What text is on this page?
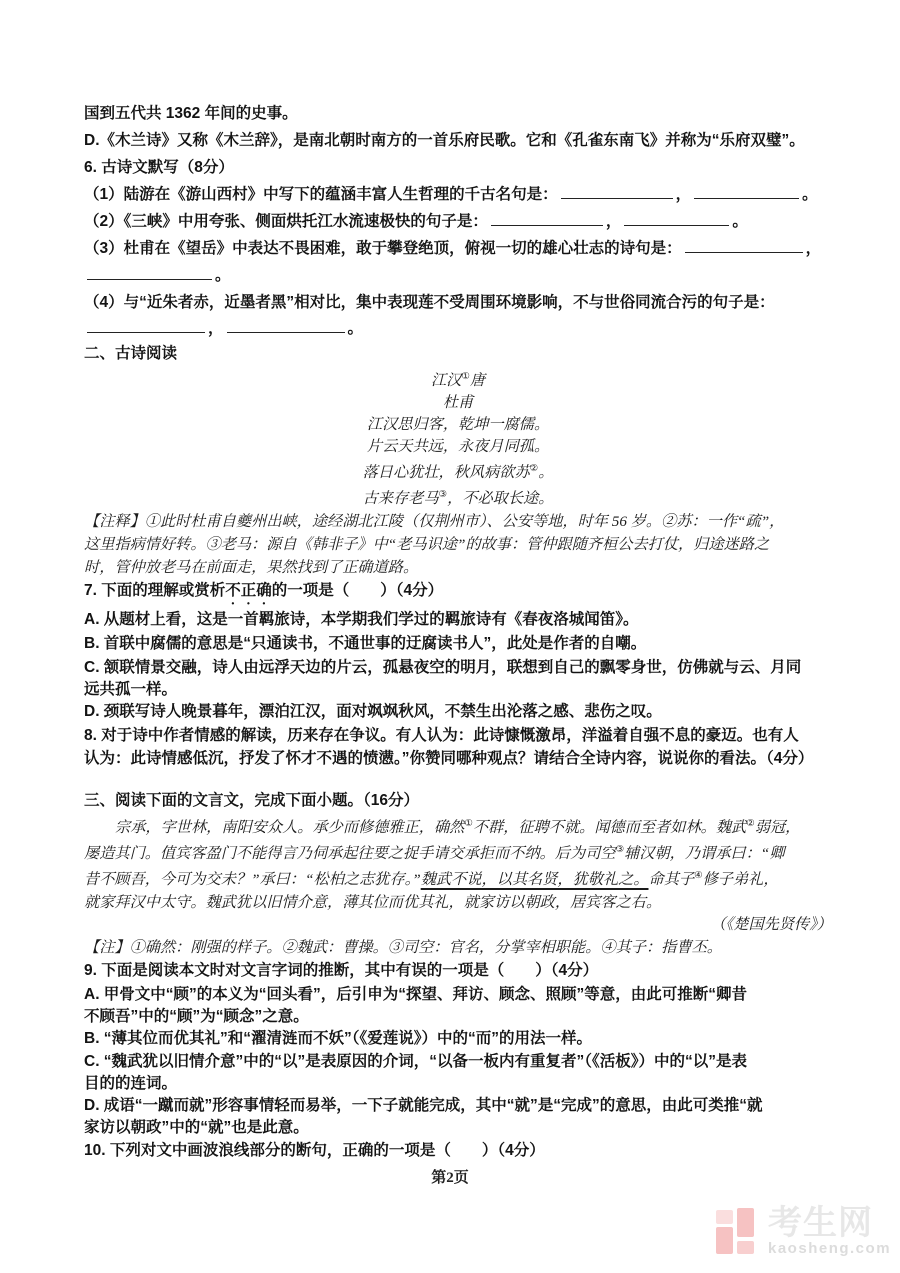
国到五代共 1362 年间的史事。

D.《木兰诗》又称《木兰辞》，是南北朝时南方的一首乐府民歌。它和《孔雀东南飞》并称为“乐府双璧”。

6. 古诗文默写（8分）

（1）陆游在《游山西村》中写下的蕴涵丰富人生哲理的千古名句是：	，	。

（2）《三峡》中用夸张、侧面烘托江水流速极快的句子是：	，	。

（3）杜甫在《望岳》中表达不畏困难，敢于攀登绝顶，俯视一切的雄心壮志的诗句是：	，

。

（4）与“近朱者赤，近墨者黑”相对比，集中表现莲不受周围环境影响，不与世俗同流合污的句子是：

，	。

二、古诗阅读

江汉①唐

杜甫

江汉思归客，乾坤一腐儒。

片云天共远，永夜月同孤。

落日心犹壮，秋风病欲苏②。

古来存老马③，不必取长途。

【注释】①此时杜甫自夔州出峡，途经湖北江陵（仅荆州市）、公安等地，时年 56 岁。②苏：一作“疏”，

这里指病情好转。③老马：源自《韩非子》中“老马识途”的故事：管仲跟随齐桓公去打仗，归途迷路之

时，管仲放老马在前面走，果然找到了正确道路。

7. 下面的理解或赏析不正确的一项是（　　）（4分）

A. 从题材上看，这是一首羁旅诗，本学期我们学过的羁旅诗有《春夜洛城闻笛》。

B. 首联中腐儒的意思是“只通读书，不通世事的迂腐读书人”，此处是作者的自嘲。

C. 颔联情景交融，诗人由远浮天边的片云，孤悬夜空的明月，联想到自己的飘零身世，仿佛就与云、月同

远共孤一样。

D. 颈联写诗人晚景暮年，漂泊江汉，面对飒飒秋风，不禁生出沦落之感、悲伤之叹。

8. 对于诗中作者情感的解读，历来存在争议。有人认为：此诗慷慨激昂，洋溢着自强不息的豪迈。也有人

认为：此诗情感低沉，抒发了怀才不遇的愤懑。”你赞同哪种观点？请结合全诗内容，说说你的看法。（4分）

三、阅读下面的文言文，完成下面小题。（16分）

宗承，字世林，南阳安众人。承少而修德雅正，确然①不群，征聘不就。闻德而至者如林。魏武②弱冠，

屡造其门。值宾客盈门不能得言乃伺承起往要之捉手请交承拒而不纳。后为司空③辅汉朝，乃谓承曰：“卿

昔不顾吾，今可为交未？”承曰：“松柏之志犹存。”魏武不说，以其名贤，犹敬礼之。命其子④修子弟礼，

就家拜汉中太守。魏武犹以旧情介意，薄其位而优其礼，就家访以朝政，居宾客之右。

（《楚国先贤传》）

【注】①确然：刚强的样子。②魏武：曹操。③司空：官名，分掌宰相职能。④其子：指曹丕。

9. 下面是阅读本文时对文言字词的推断，其中有误的一项是（　　）（4分）

A. 甲骨文中“顾”的本义为“回头看”，后引申为“探望、拜访、顾念、照顾”等意，由此可推断“卿昔

不顾吾”中的“顾”为“顾念”之意。

B. “薄其位而优其礼”和“濯清涟而不妖”（《爱莲说》）中的“而”的用法一样。

C. “魏武犹以旧情介意”中的“以”是表原因的介词，“以备一板内有重复者”（《活板》）中的“以”是表

目的的连词。

D. 成语“一蹴而就”形容事情轻而易举，一下子就能完成，其中“就”是“完成”的意思，由此可类推“就

家访以朝政”中的“就”也是此意。

10. 下列对文中画波浪线部分的断句，正确的一项是（　　）（4分）

第2页
考生网
kaosheng.com
